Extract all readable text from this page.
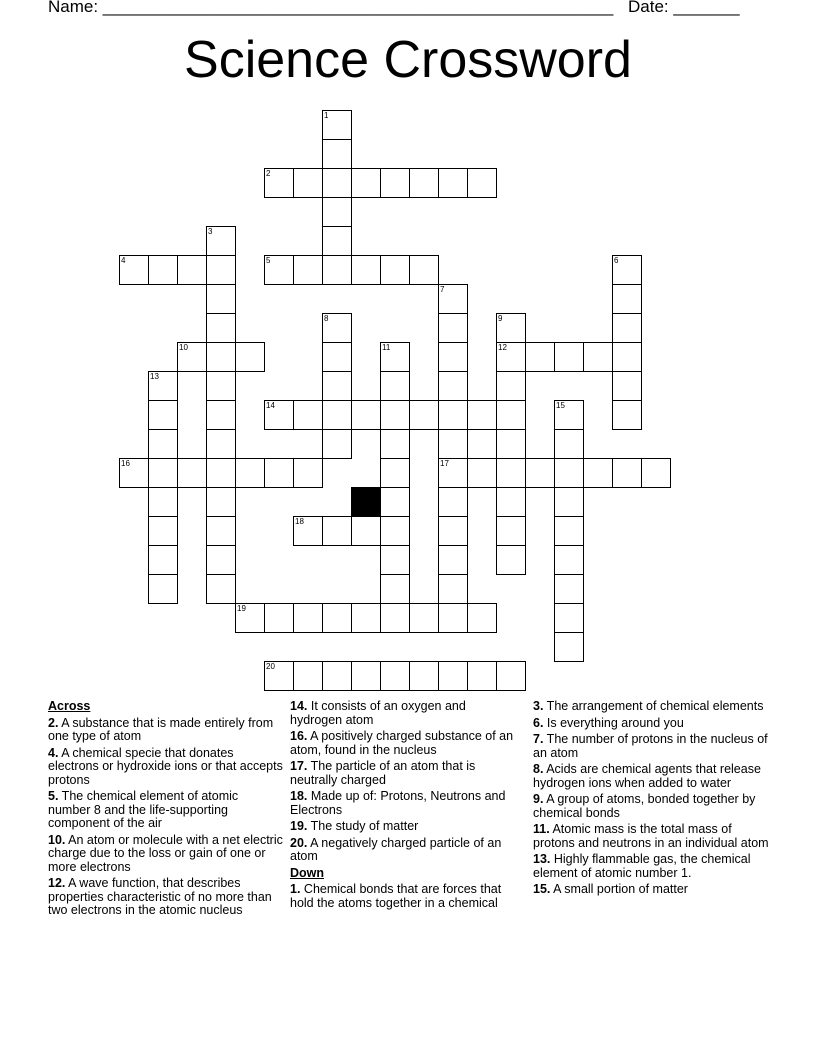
Name: ______________________________________________________ Date: _______
Science Crossword
1
2
3
4	5	6
7
8	9
10	11	12
13
14	15
16	17
18
19
20
Across
2. A substance that is made entirely from one type of atom
4. A chemical specie that donates electrons or hydroxide ions or that accepts protons
5. The chemical element of atomic number 8 and the life-supporting component of the air
10. An atom or molecule with a net electric charge due to the loss or gain of one or more electrons
12. A wave function, that describes properties characteristic of no more than two electrons in the atomic nucleus
14. It consists of an oxygen and hydrogen atom
16. A positively charged substance of an atom, found in the nucleus
17. The particle of an atom that is neutrally charged
18. Made up of: Protons, Neutrons and Electrons
19. The study of matter
20. A negatively charged particle of an atom
Down
1. Chemical bonds that are forces that hold the atoms together in a chemical
3. The arrangement of chemical elements
6. Is everything around you
7. The number of protons in the nucleus of an atom
8. Acids are chemical agents that release hydrogen ions when added to water
9. A group of atoms, bonded together by chemical bonds
11. Atomic mass is the total mass of protons and neutrons in an individual atom
13. Highly flammable gas, the chemical element of atomic number 1.
15. A small portion of matter
